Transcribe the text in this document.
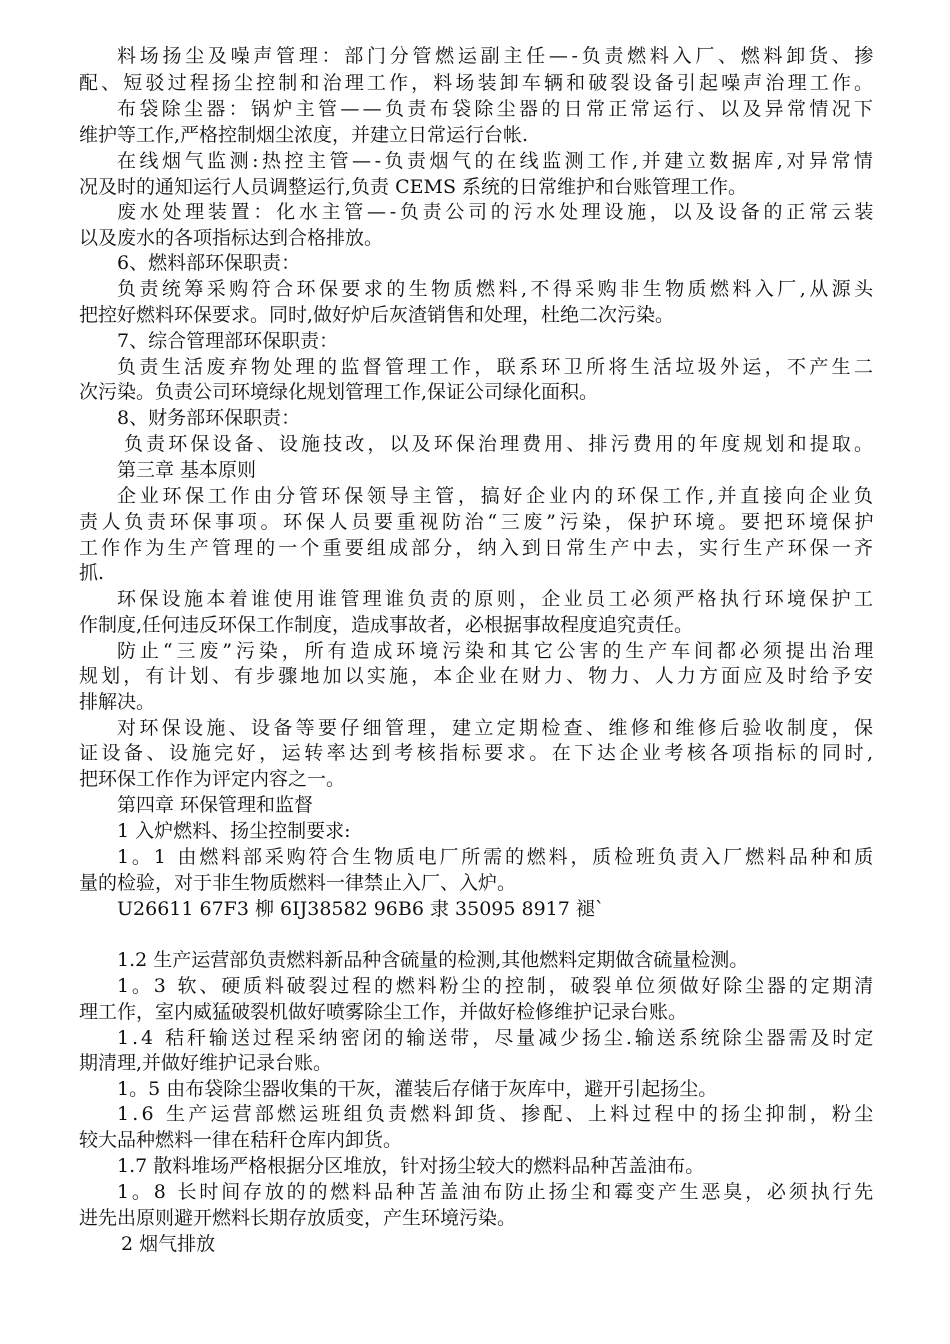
料场扬尘及噪声管理：部门分管燃运副主任—-负责燃料入厂、燃料卸货、掺

配、短驳过程扬尘控制和治理工作，料场装卸车辆和破裂设备引起噪声治理工作。

布袋除尘器：锅炉主管——负责布袋除尘器的日常正常运行、以及异常情况下

维护等工作,严格控制烟尘浓度，并建立日常运行台帐.

在线烟气监测:热控主管—-负责烟气的在线监测工作,并建立数据库,对异常情

况及时的通知运行人员调整运行,负责 CEMS 系统的日常维护和台账管理工作。

废水处理装置：化水主管—-负责公司的污水处理设施，以及设备的正常云装

以及废水的各项指标达到合格排放。

6、燃料部环保职责：

负责统筹采购符合环保要求的生物质燃料,不得采购非生物质燃料入厂,从源头

把控好燃料环保要求。同时,做好炉后灰渣销售和处理，杜绝二次污染。

7、综合管理部环保职责：

负责生活废弃物处理的监督管理工作，联系环卫所将生活垃圾外运，不产生二

次污染。负责公司环境绿化规划管理工作,保证公司绿化面积。

8、财务部环保职责：

负责环保设备、设施技改，以及环保治理费用、排污费用的年度规划和提取。

第三章 基本原则

企业环保工作由分管环保领导主管，搞好企业内的环保工作,并直接向企业负

责人负责环保事项。环保人员要重视防治“三废”污染，保护环境。要把环境保护

工作作为生产管理的一个重要组成部分，纳入到日常生产中去，实行生产环保一齐

抓.

环保设施本着谁使用谁管理谁负责的原则，企业员工必须严格执行环境保护工

作制度,任何违反环保工作制度，造成事故者，必根据事故程度追究责任。

防止“三废”污染，所有造成环境污染和其它公害的生产车间都必须提出治理

规划，有计划、有步骤地加以实施，本企业在财力、物力、人力方面应及时给予安

排解决。

对环保设施、设备等要仔细管理，建立定期检查、维修和维修后验收制度，保

证设备、设施完好，运转率达到考核指标要求。在下达企业考核各项指标的同时,

把环保工作作为评定内容之一。

第四章 环保管理和监督

1 入炉燃料、扬尘控制要求:

1。1 由燃料部采购符合生物质电厂所需的燃料，质检班负责入厂燃料品种和质

量的检验，对于非生物质燃料一律禁止入厂、入炉。

U26611 67F3 柳 6IJ38582 96B6 隶 35095 8917 褪`

1.2 生产运营部负责燃料新品种含硫量的检测,其他燃料定期做含硫量检测。

1。3 软、硬质料破裂过程的燃料粉尘的控制，破裂单位须做好除尘器的定期清

理工作，室内威猛破裂机做好喷雾除尘工作，并做好检修维护记录台账。

1.4 秸秆输送过程采纳密闭的输送带，尽量减少扬尘.输送系统除尘器需及时定

期清理,并做好维护记录台账。

1。5 由布袋除尘器收集的干灰，灌装后存储于灰库中，避开引起扬尘。

1.6 生产运营部燃运班组负责燃料卸货、掺配、上料过程中的扬尘抑制，粉尘

较大品种燃料一律在秸秆仓库内卸货。

1.7 散料堆场严格根据分区堆放，针对扬尘较大的燃料品种苫盖油布。

1。8 长时间存放的的燃料品种苫盖油布防止扬尘和霉变产生恶臭，必须执行先

进先出原则避开燃料长期存放质变，产生环境污染。

2 烟气排放
